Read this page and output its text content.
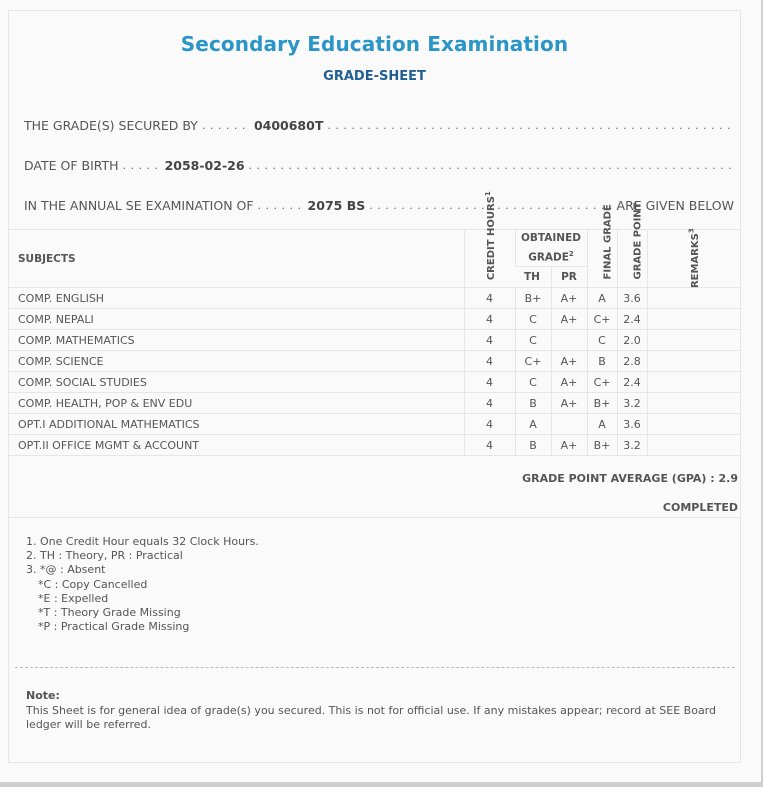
Secondary Education Examination
GRADE-SHEET
THE GRADE(S) SECURED BY . . .	0400680T
. . .
DATE OF BIRTH . . .	2058-02-26
. . .
IN THE ANNUAL SE EXAMINATION OF . . .	2075 BS . . .	ARE GIVEN BELOW
SUBJECTS	CREDIT HOURS$^1$	OBTAINED GRADE$^2$		FINAL GRADE	GRADE POINT	REMARKS$^3$
		TH	PR			
COMP. ENGLISH	4	B+	A+	A	3.6	
COMP. NEPALI	4	C	A+	C+	2.4	
COMP. MATHEMATICS	4	C		C	2.0	
COMP. SCIENCE	4	C+	A+	B	2.8	
COMP. SOCIAL STUDIES	4	C	A+	C+	2.4	
COMP. HEALTH, POP & ENV EDU	4	B	A+	B+	3.2	
OPT.I ADDITIONAL MATHEMATICS	4	A		A	3.6	
OPT.II OFFICE MGMT & ACCOUNT	4	B	A+	B+	3.2	
GRADE POINT AVERAGE (GPA) : 2.9
COMPLETED
1. One Credit Hour equals 32 Clock Hours.
2. TH : Theory, PR : Practical
3. *@ : Absent
*C : Copy Cancelled
*E : Expelled
*T : Theory Grade Missing
*P : Practical Grade Missing
Note:
This Sheet is for general idea of grade(s) you secured. This is not for official use. If any mistakes appear; record at SEE Board ledger will be referred.
